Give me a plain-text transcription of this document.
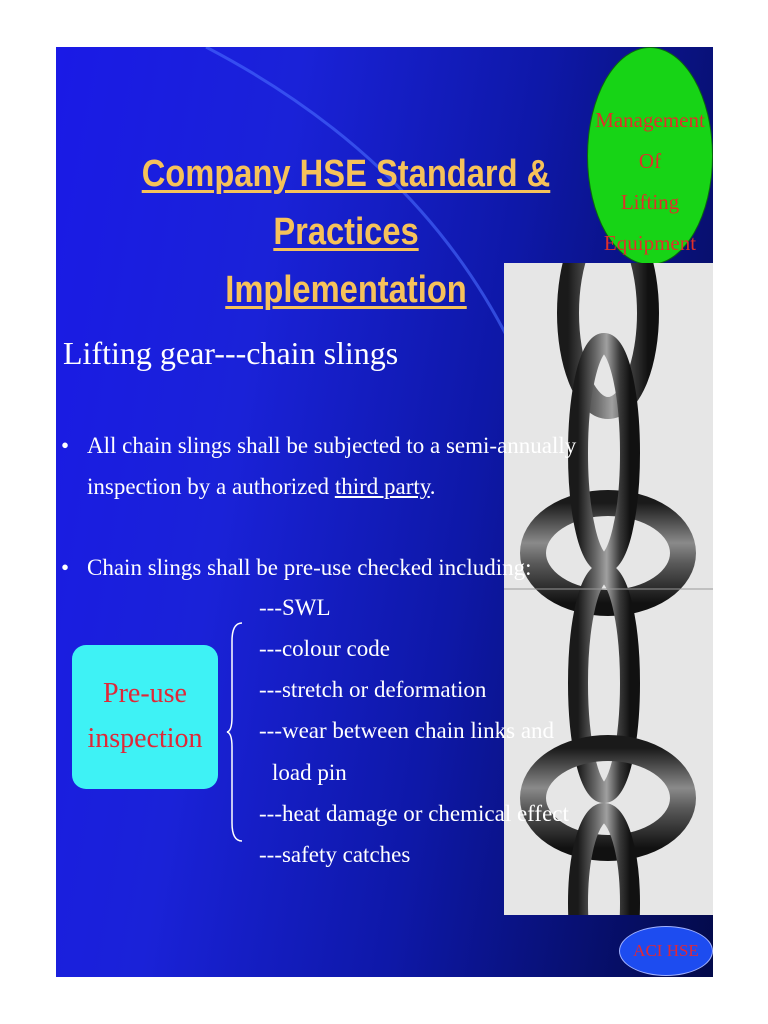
Company HSE Standard & Practices
Implementation
Management
Of
Lifting
Equipment
Lifting gear---chain slings
• All chain slings shall be subjected to a semi-annually
inspection by a authorized third party.
• Chain slings shall be pre-use checked including:
---SWL
---colour code
---stretch or deformation
---wear between chain links and
load pin
---heat damage or chemical effect
---safety catches
Pre-use
inspection
ACI HSE
